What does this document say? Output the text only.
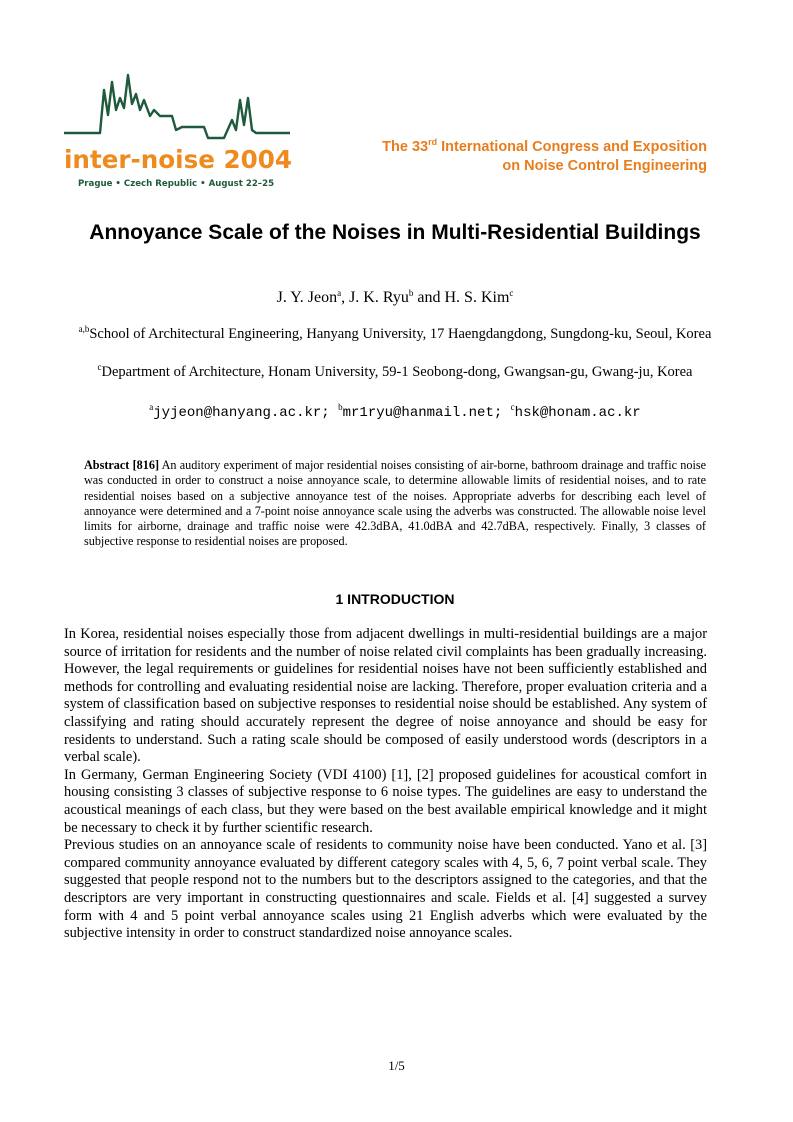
inter-noise 2004
Prague • Czech Republic • August 22–25
The 33rd International Congress and Exposition
on Noise Control Engineering
Annoyance Scale of the Noises in Multi-Residential Buildings
J. Y. Jeon$^a$, J. K. Ryu$^b$ and H. S. Kim$^c$
$^{a,b}$School of Architectural Engineering, Hanyang University, 17 Haengdangdong, Sungdong-ku, Seoul, Korea
$^c$Department of Architecture, Honam University, 59-1 Seobong-dong, Gwangsan-gu, Gwang-ju, Korea
$^a$jyjeon@hanyang.ac.kr; $^b$mr1ryu@hanmail.net; $^c$hsk@honam.ac.kr
Abstract [816] An auditory experiment of major residential noises consisting of air-borne, bathroom drainage and traffic noise was conducted in order to construct a noise annoyance scale, to determine allowable limits of residential noises, and to rate residential noises based on a subjective annoyance test of the noises. Appropriate adverbs for describing each level of annoyance were determined and a 7-point noise annoyance scale using the adverbs was constructed. The allowable noise level limits for airborne, drainage and traffic noise were 42.3dBA, 41.0dBA and 42.7dBA, respectively. Finally, 3 classes of subjective response to residential noises are proposed.
1 INTRODUCTION

In Korea, residential noises especially those from adjacent dwellings in multi-residential buildings are a major source of irritation for residents and the number of noise related civil complaints has been gradually increasing. However, the legal requirements or guidelines for residential noises have not been sufficiently established and methods for controlling and evaluating residential noise are lacking. Therefore, proper evaluation criteria and a system of classification based on subjective responses to residential noise should be established. Any system of classifying and rating should accurately represent the degree of noise annoyance and should be easy for residents to understand. Such a rating scale should be composed of easily understood words (descriptors in a verbal scale).

In Germany, German Engineering Society (VDI 4100) [1], [2] proposed guidelines for acoustical comfort in housing consisting 3 classes of subjective response to 6 noise types. The guidelines are easy to understand the acoustical meanings of each class, but they were based on the best available empirical knowledge and it might be necessary to check it by further scientific research.

Previous studies on an annoyance scale of residents to community noise have been conducted. Yano et al. [3] compared community annoyance evaluated by different category scales with 4, 5, 6, 7 point verbal scale. They suggested that people respond not to the numbers but to the descriptors assigned to the categories, and that the descriptors are very important in constructing questionnaires and scale. Fields et al. [4] suggested a survey form with 4 and 5 point verbal annoyance scales using 21 English adverbs which were evaluated by the subjective intensity in order to construct standardized noise annoyance scales.

1/5
